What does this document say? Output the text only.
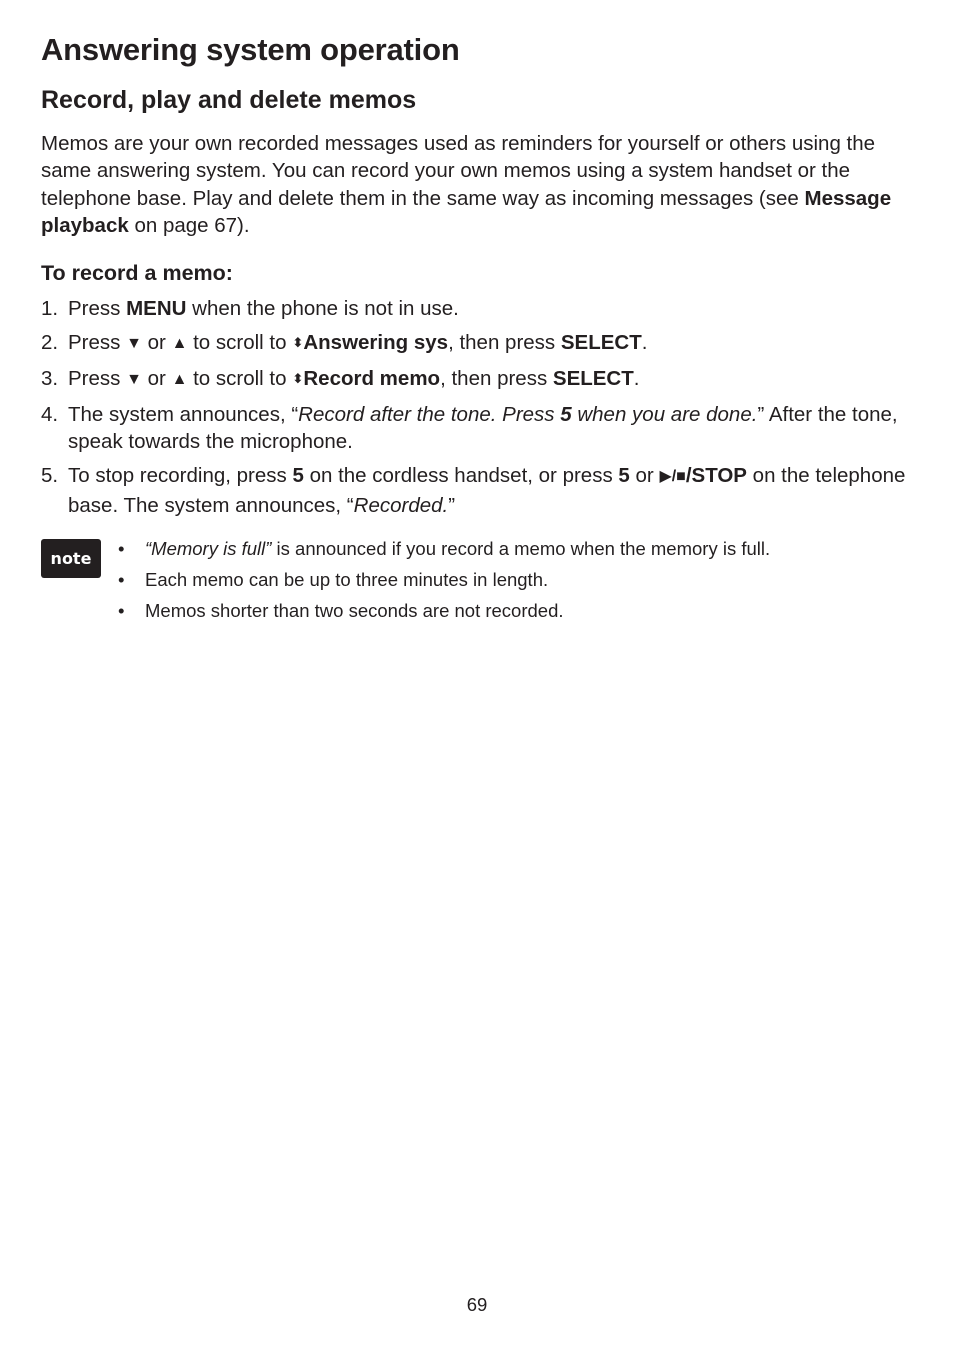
Answering system operation
Record, play and delete memos

Memos are your own recorded messages used as reminders for yourself or others using the same answering system. You can record your own memos using a system handset or the telephone base. Play and delete them in the same way as incoming messages (see Message playback on page 67).

To record a memo:
1. Press MENU when the phone is not in use.
2. Press ▼ or ▲ to scroll to ⬍Answering sys, then press SELECT.
3. Press ▼ or ▲ to scroll to ⬍Record memo, then press SELECT.
4. The system announces, “Record after the tone. Press 5 when you are done.” After the tone, speak towards the microphone.
5. To stop recording, press 5 on the cordless handset, or press 5 or ▶/■/STOP on the telephone base. The system announces, “Recorded.”
note	• “Memory is full” is announced if you record a memo when the memory is full.
• Each memo can be up to three minutes in length.
• Memos shorter than two seconds are not recorded.
69
